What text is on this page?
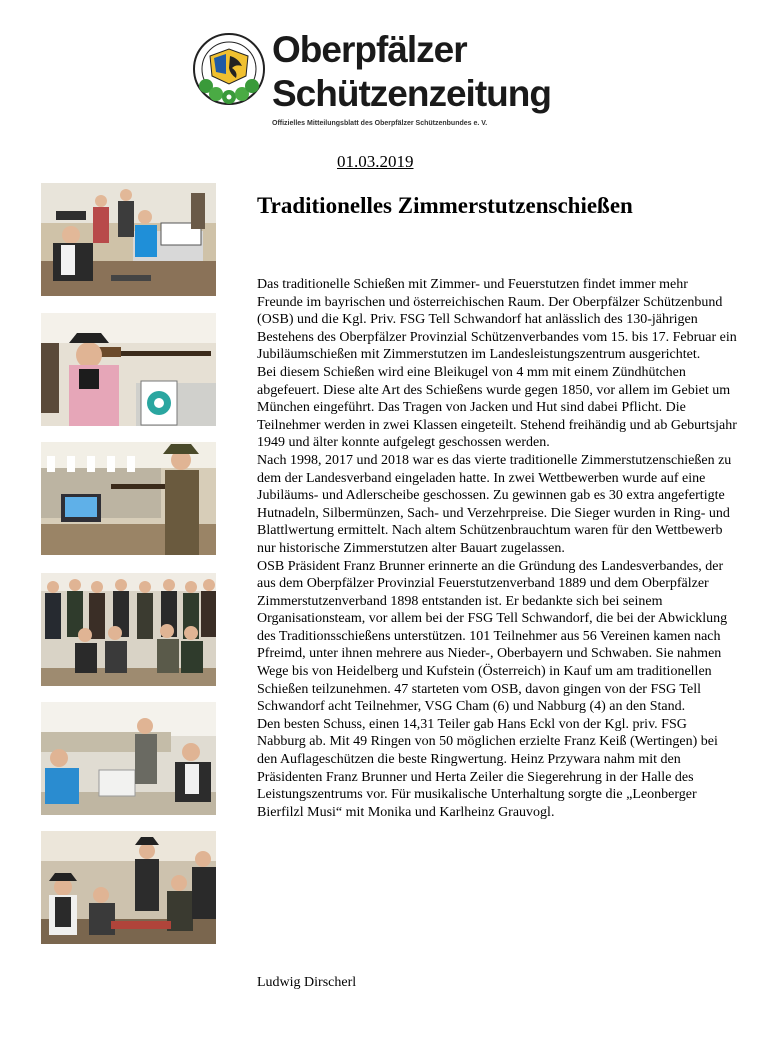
Oberpfälzer
Schützenzeitung
Offizielles Mitteilungsblatt des Oberpfälzer Schützenbundes e. V.
01.03.2019
Traditionelles Zimmerstutzenschießen

Das traditionelle Schießen mit Zimmer- und Feuerstutzen findet immer mehr Freunde im bayrischen und österreichischen Raum. Der Oberpfälzer Schützenbund (OSB) und die Kgl. Priv. FSG Tell Schwandorf hat anlässlich des 130-jährigen Bestehens des Oberpfälzer Provinzial Schützenverbandes vom 15. bis 17. Februar ein Jubiläumschießen mit Zimmerstutzen im Landesleistungszentrum ausgerichtet.

Bei diesem Schießen wird eine Bleikugel von 4 mm mit einem Zündhütchen abgefeuert. Diese alte Art des Schießens wurde gegen 1850, vor allem im Gebiet um München eingeführt. Das Tragen von Jacken und Hut sind dabei Pflicht. Die Teilnehmer werden in zwei Klassen eingeteilt. Stehend freihändig und ab Geburtsjahr 1949 und älter konnte aufgelegt geschossen werden.

Nach 1998, 2017 und 2018 war es das vierte traditionelle Zimmerstutzenschießen zu dem der Landesverband eingeladen hatte. In zwei Wettbewerben wurde auf eine Jubiläums- und Adlerscheibe geschossen. Zu gewinnen gab es 30 extra angefertigte Hutnadeln, Silbermünzen, Sach- und Verzehrpreise. Die Sieger wurden in Ring- und Blattlwertung ermittelt. Nach altem Schützenbrauchtum waren für den Wettbewerb nur historische Zimmerstutzen alter Bauart zugelassen.

OSB Präsident Franz Brunner erinnerte an die Gründung des Landesverbandes, der aus dem Oberpfälzer Provinzial Feuerstutzenverband 1889 und dem Oberpfälzer Zimmerstutzenverband 1898 entstanden ist. Er bedankte sich bei seinem Organisationsteam, vor allem bei der FSG Tell Schwandorf, die bei der Abwicklung des Traditionsschießens unterstützen. 101 Teilnehmer aus 56 Vereinen kamen nach Pfreimd, unter ihnen mehrere aus Nieder-, Oberbayern und Schwaben. Sie nahmen Wege bis von Heidelberg und Kufstein (Österreich) in Kauf um am traditionellen Schießen teilzunehmen. 47 starteten vom OSB, davon gingen von der FSG Tell Schwandorf acht Teilnehmer, VSG Cham (6) und Nabburg (4) an den Stand.

Den besten Schuss, einen 14,31 Teiler gab Hans Eckl von der Kgl. priv. FSG Nabburg ab. Mit 49 Ringen von 50 möglichen erzielte Franz Keiß (Wertingen) bei den Auflageschützen die beste Ringwertung. Heinz Przywara nahm mit den Präsidenten Franz Brunner und Herta Zeiler die Siegerehrung in der Halle des Leistungszentrums vor. Für musikalische Unterhaltung sorgte die „Leonberger Bierfilzl Musi“ mit Monika und Karlheinz Grauvogl.

Ludwig Dirscherl
